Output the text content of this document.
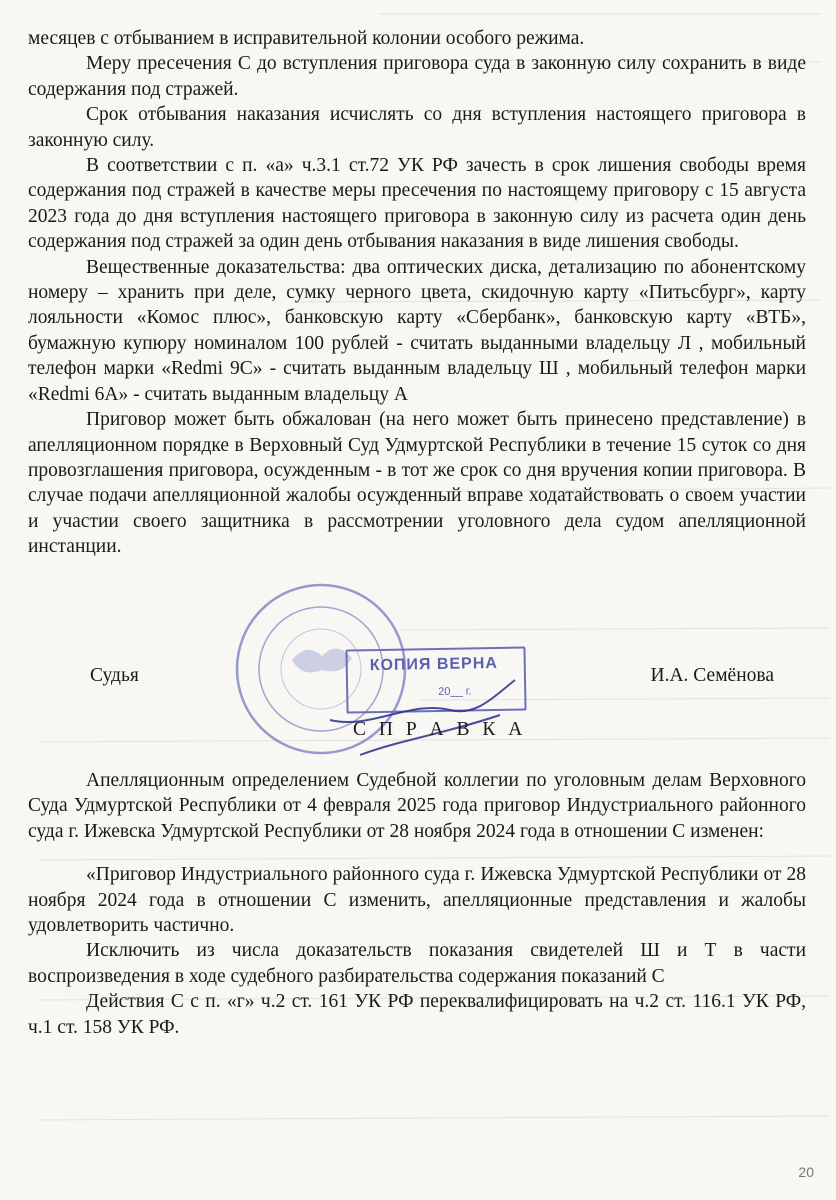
месяцев с отбыванием в исправительной колонии особого режима.

Меру пресечения С до вступления приговора суда в законную силу сохранить в виде содержания под стражей.

Срок отбывания наказания исчислять со дня вступления настоящего приговора в законную силу.

В соответствии с п. «а» ч.3.1 ст.72 УК РФ зачесть в срок лишения свободы время содержания под стражей в качестве меры пресечения по настоящему приговору с 15 августа 2023 года до дня вступления настоящего приговора в законную силу из расчета один день содержания под стражей за один день отбывания наказания в виде лишения свободы.

Вещественные доказательства: два оптических диска, детализацию по абонентскому номеру – хранить при деле, сумку черного цвета, скидочную карту «Питьсбург», карту лояльности «Комос плюс», банковскую карту «Сбербанк», банковскую карту «ВТБ», бумажную купюру номиналом 100 рублей - считать выданными владельцу Л , мобильный телефон марки «Redmi 9C» - считать выданным владельцу Ш , мобильный телефон марки «Redmi 6A» - считать выданным владельцу А

Приговор может быть обжалован (на него может быть принесено представление) в апелляционном порядке в Верховный Суд Удмуртской Республики в течение 15 суток со дня провозглашения приговора, осужденным - в тот же срок со дня вручения копии приговора. В случае подачи апелляционной жалобы осужденный вправе ходатайствовать о своем участии и участии своего защитника в рассмотрении уголовного дела судом апелляционной инстанции.

Судья	И.А. Семёнова
КОПИЯ ВЕРНА
20__ г.
С П Р А В К А

Апелляционным определением Судебной коллегии по уголовным делам Верховного Суда Удмуртской Республики от 4 февраля 2025 года приговор Индустриального районного суда г. Ижевска Удмуртской Республики от 28 ноября 2024 года в отношении С изменен:

«Приговор Индустриального районного суда г. Ижевска Удмуртской Республики от 28 ноября 2024 года в отношении С изменить, апелляционные представления и жалобы удовлетворить частично.

Исключить из числа доказательств показания свидетелей Ш и Т в части воспроизведения в ходе судебного разбирательства содержания показаний С

Действия С с п. «г» ч.2 ст. 161 УК РФ переквалифицировать на ч.2 ст. 116.1 УК РФ, ч.1 ст. 158 УК РФ.

20
